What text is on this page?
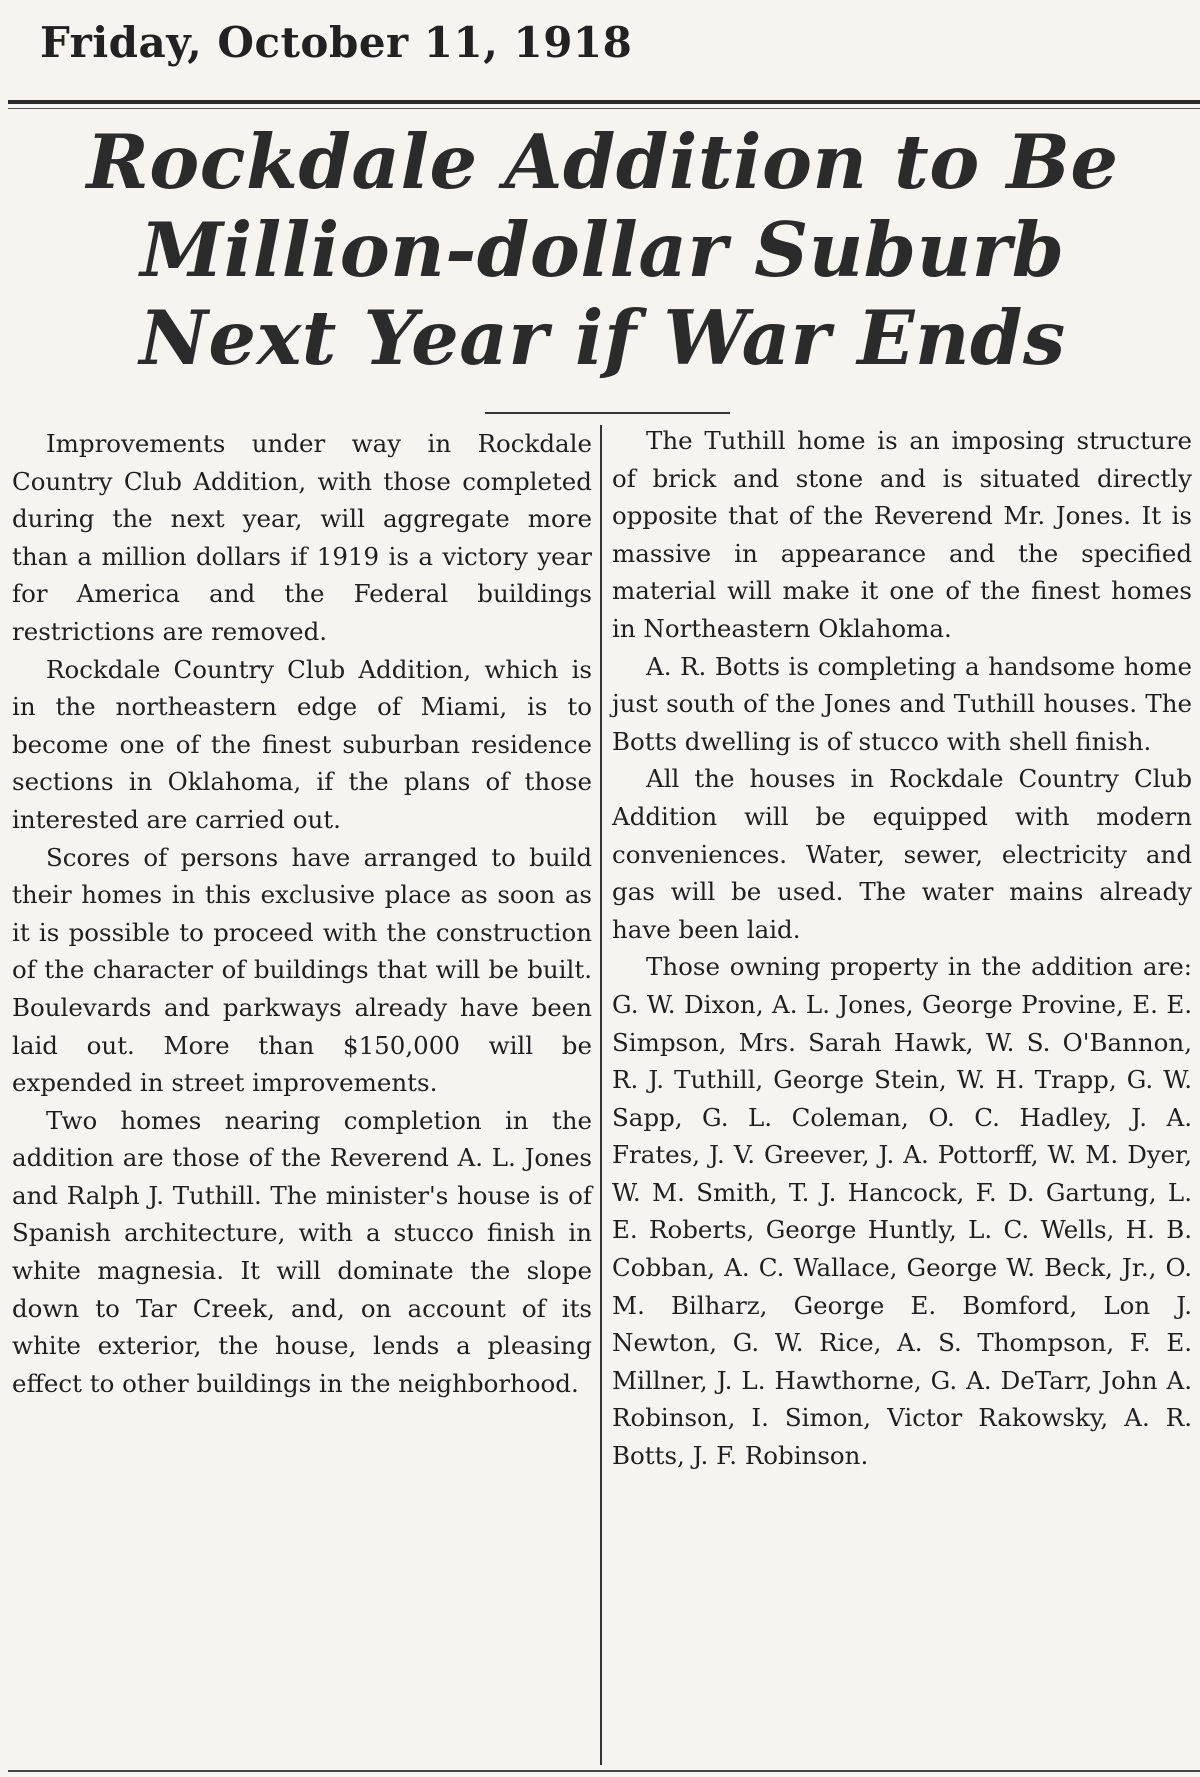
Friday, October 11, 1918
Rockdale Addition to Be
Million-dollar Suburb
Next Year if War Ends

Improvements under way in Rockdale Country Club Addition, with those completed during the next year, will aggregate more than a million dollars if 1919 is a victory year for America and the Federal buildings restrictions are removed.

Rockdale Country Club Addition, which is in the northeastern edge of Miami, is to become one of the finest suburban residence sections in Oklahoma, if the plans of those interested are carried out.

Scores of persons have arranged to build their homes in this exclusive place as soon as it is possible to proceed with the construction of the character of buildings that will be built. Boulevards and parkways already have been laid out. More than $150,000 will be expended in street improvements.

Two homes nearing completion in the addition are those of the Reverend A. L. Jones and Ralph J. Tuthill. The minister's house is of Spanish architecture, with a stucco finish in white magnesia. It will dominate the slope down to Tar Creek, and, on account of its white exterior, the house, lends a pleasing effect to other buildings in the neighborhood.

The Tuthill home is an imposing structure of brick and stone and is situated directly opposite that of the Reverend Mr. Jones. It is massive in appearance and the specified material will make it one of the finest homes in Northeastern Oklahoma.

A. R. Botts is completing a handsome home just south of the Jones and Tuthill houses. The Botts dwelling is of stucco with shell finish.

All the houses in Rockdale Country Club Addition will be equipped with modern conveniences. Water, sewer, electricity and gas will be used. The water mains already have been laid.

Those owning property in the addition are: G. W. Dixon, A. L. Jones, George Provine, E. E. Simpson, Mrs. Sarah Hawk, W. S. O'Bannon, R. J. Tuthill, George Stein, W. H. Trapp, G. W. Sapp, G. L. Coleman, O. C. Hadley, J. A. Frates, J. V. Greever, J. A. Pottorff, W. M. Dyer, W. M. Smith, T. J. Hancock, F. D. Gartung, L. E. Roberts, George Huntly, L. C. Wells, H. B. Cobban, A. C. Wallace, George W. Beck, Jr., O. M. Bilharz, George E. Bomford, Lon J. Newton, G. W. Rice, A. S. Thompson, F. E. Millner, J. L. Hawthorne, G. A. DeTarr, John A. Robinson, I. Simon, Victor Rakowsky, A. R. Botts, J. F. Robinson.
